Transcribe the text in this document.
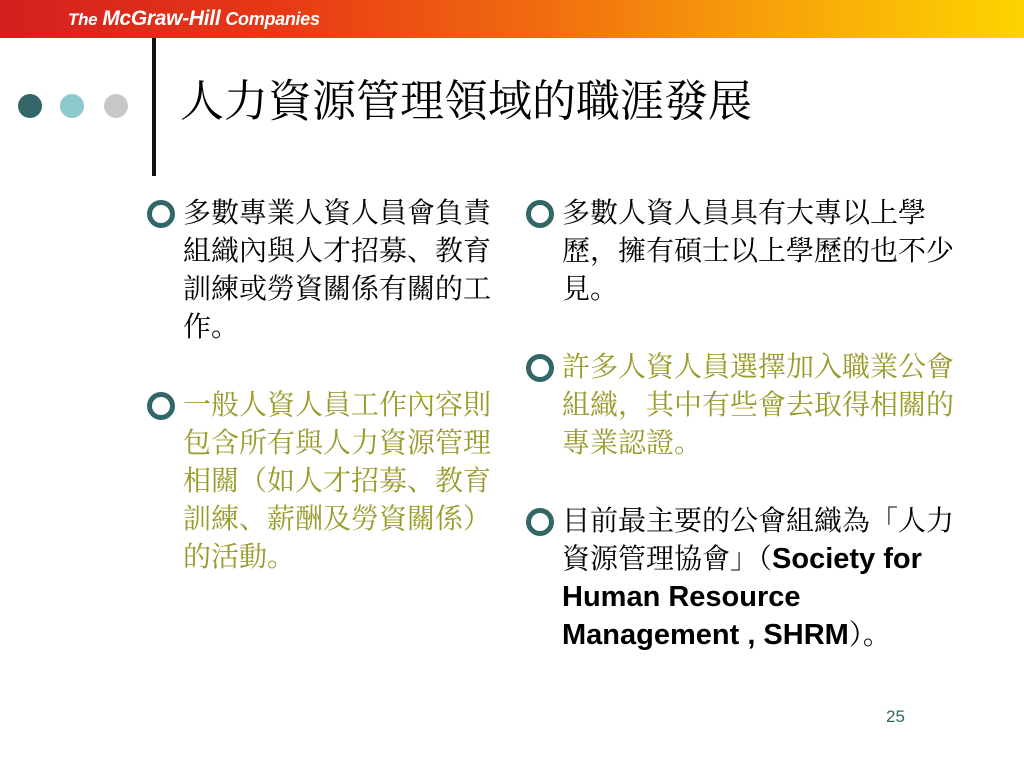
The McGraw-Hill Companies
人力資源管理領域的職涯發展
多數專業人資人員會負責組織內與人才招募、教育訓練或勞資關係有關的工作。
一般人資人員工作內容則包含所有與人力資源管理相關（如人才招募、教育訓練、薪酬及勞資關係）的活動。
多數人資人員具有大專以上學歷，擁有碩士以上學歷的也不少見。
許多人資人員選擇加入職業公會組織，其中有些會去取得相關的專業認證。
目前最主要的公會組織為「人力資源管理協會」（Society for Human Resource Management , SHRM）。
25
